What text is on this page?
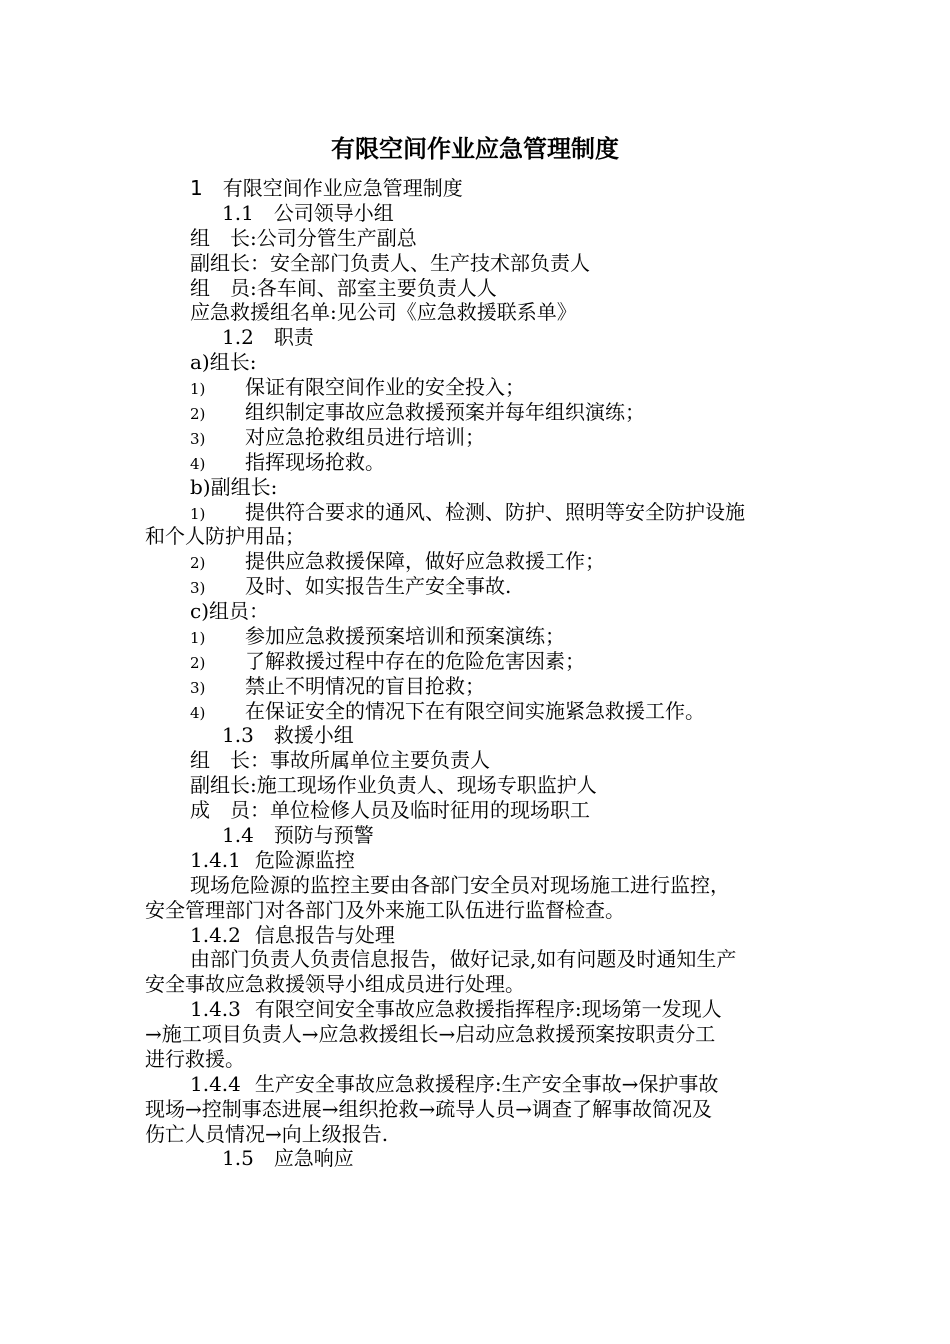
有限空间作业应急管理制度
1 有限空间作业应急管理制度
1.1 公司领导小组
组　长:公司分管生产副总
副组长：安全部门负责人、生产技术部负责人
组　员:各车间、部室主要负责人人
应急救援组名单:见公司《应急救援联系单》
1.2 职责
a)组长:
1) 保证有限空间作业的安全投入；
2) 组织制定事故应急救援预案并每年组织演练；
3) 对应急抢救组员进行培训；
4) 指挥现场抢救。
b)副组长:
1) 提供符合要求的通风、检测、防护、照明等安全防护设施
和个人防护用品；
2) 提供应急救援保障，做好应急救援工作；
3) 及时、如实报告生产安全事故.
c)组员：
1) 参加应急救援预案培训和预案演练；
2) 了解救援过程中存在的危险危害因素；
3) 禁止不明情况的盲目抢救；
4) 在保证安全的情况下在有限空间实施紧急救援工作。
1.3 救援小组
组　长：事故所属单位主要负责人
副组长:施工现场作业负责人、现场专职监护人
成　员：单位检修人员及临时征用的现场职工
1.4 预防与预警
1.4.1 危险源监控
现场危险源的监控主要由各部门安全员对现场施工进行监控，
安全管理部门对各部门及外来施工队伍进行监督检查。
1.4.2 信息报告与处理
由部门负责人负责信息报告，做好记录,如有问题及时通知生产
安全事故应急救援领导小组成员进行处理。
1.4.3 有限空间安全事故应急救援指挥程序:现场第一发现人
→施工项目负责人→应急救援组长→启动应急救援预案按职责分工
进行救援。
1.4.4 生产安全事故应急救援程序:生产安全事故→保护事故
现场→控制事态进展→组织抢救→疏导人员→调查了解事故简况及
伤亡人员情况→向上级报告.
1.5 应急响应
